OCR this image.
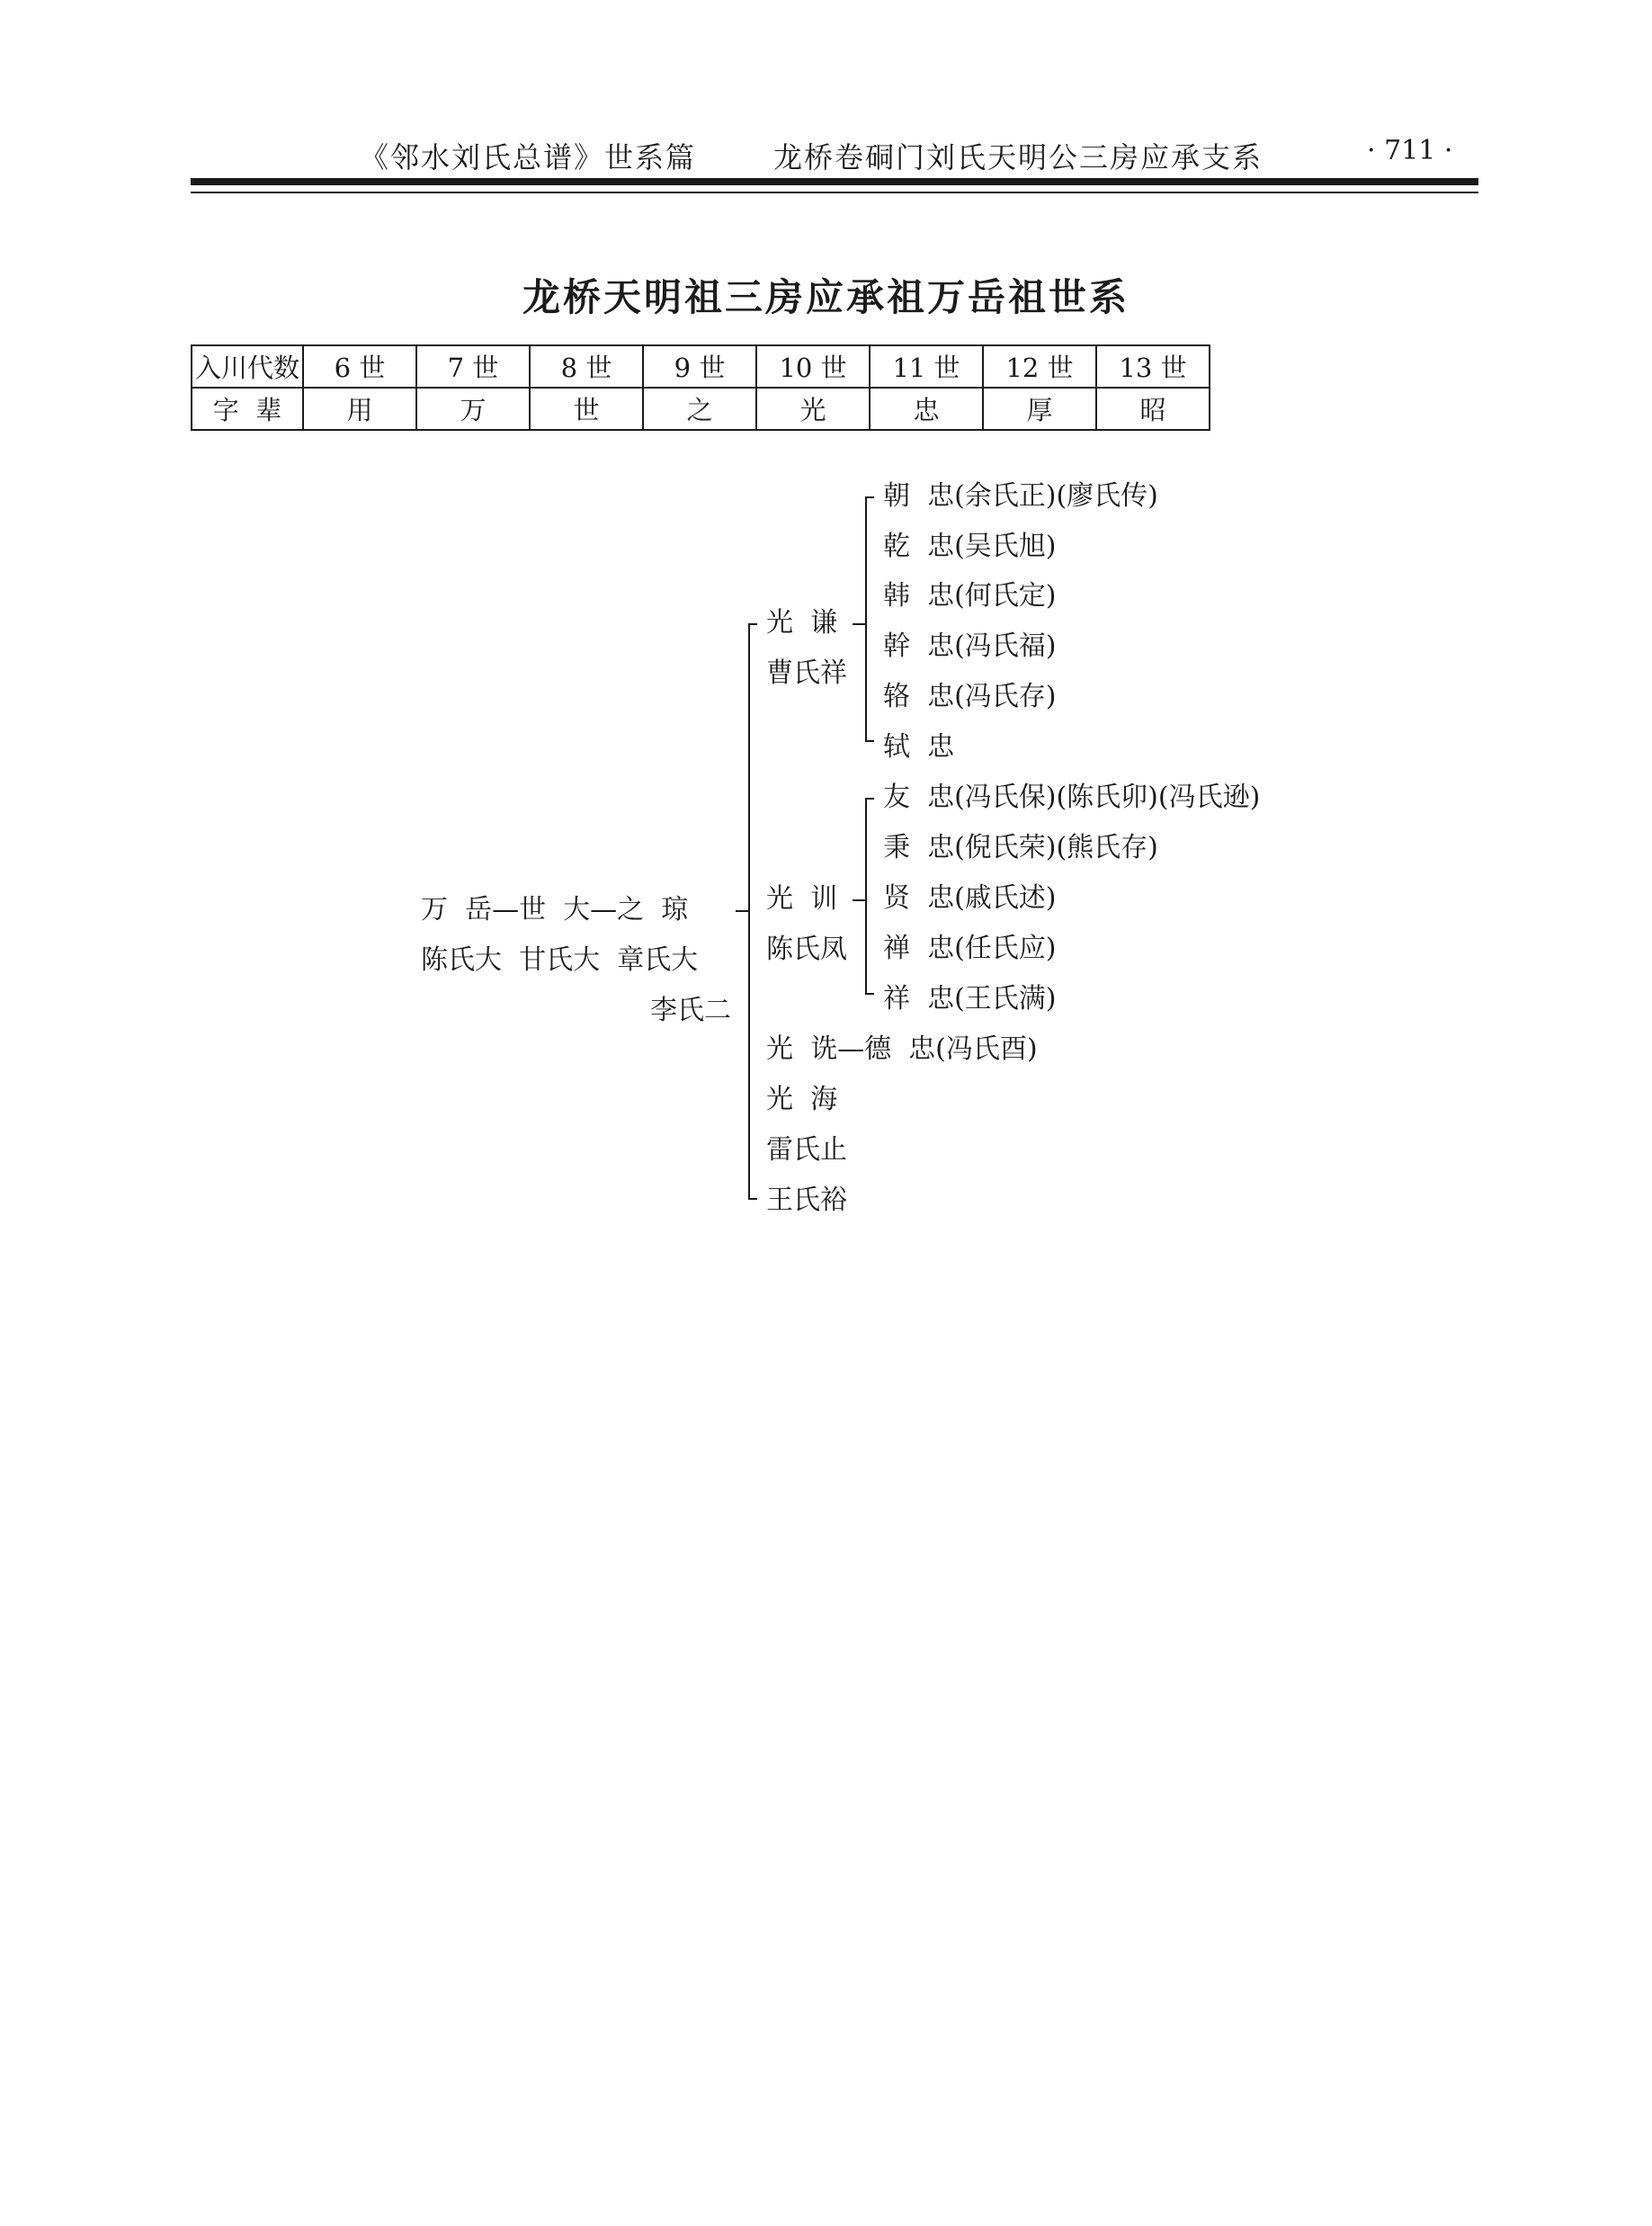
《邻水刘氏总谱》世系篇	龙桥卷硐门刘氏天明公三房应承支系	· 711 ·
龙桥天明祖三房应承祖万岳祖世系
入川代数	6 世	7 世	8 世	9 世	10 世	11 世	12 世	13 世
字  辈	用	万	世	之	光	忠	厚	昭
万  岳—世  大—之  琼
陈氏大  甘氏大  章氏大
李氏二
光  谦
曹氏祥
朝  忠(余氏正)(廖氏传)
乾  忠(吴氏旭)
韩  忠(何氏定)
幹  忠(冯氏福)
辂  忠(冯氏存)
轼  忠
光  训
陈氏凤
友  忠(冯氏保)(陈氏卯)(冯氏逊)
秉  忠(倪氏荣)(熊氏存)
贤  忠(戚氏述)
禅  忠(任氏应)
祥  忠(王氏满)
光  诜—德  忠(冯氏酉)
光  海
雷氏止
王氏裕
